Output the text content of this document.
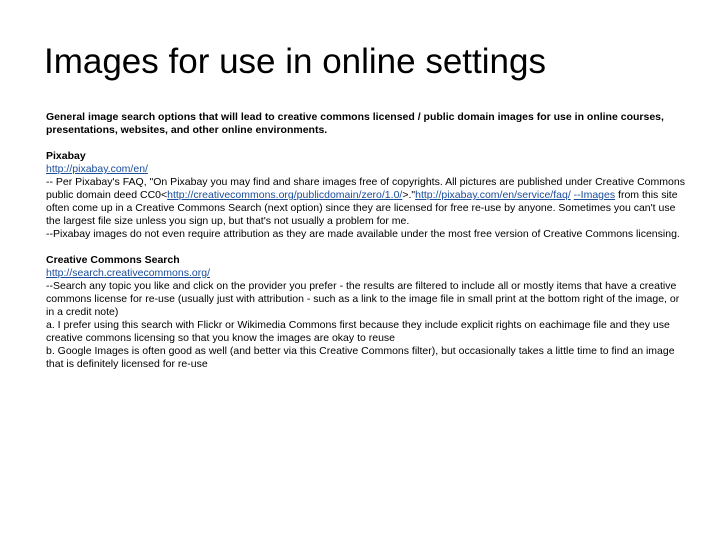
Images for use in online settings

General image search options that will lead to creative commons licensed / public domain images for use in online courses, presentations, websites, and other online environments.

Pixabay

http://pixabay.com/en/

-- Per Pixabay's FAQ, "On Pixabay you may find and share images free of copyrights. All pictures are published under Creative Commons public domain deed CC0<http://creativecommons.org/publicdomain/zero/1.0/>."http://pixabay.com/en/service/faq/ --Images from this site often come up in a Creative Commons Search (next option) since they are licensed for free re-use by anyone. Sometimes you can't use the largest file size unless you sign up, but that's not usually a problem for me.

--Pixabay images do not even require attribution as they are made available under the most free version of Creative Commons licensing.

Creative Commons Search

http://search.creativecommons.org/

--Search any topic you like and click on the provider you prefer - the results are filtered to include all or mostly items that have a creative commons license for re-use (usually just with attribution - such as a link to the image file in small print at the bottom right of the image, or in a credit note)

a. I prefer using this search with Flickr or Wikimedia Commons first because they include explicit rights on eachimage file and they use creative commons licensing so that you know the images are okay to reuse

b. Google Images is often good as well (and better via this Creative Commons filter), but occasionally takes a little time to find an image that is definitely licensed for re-use
